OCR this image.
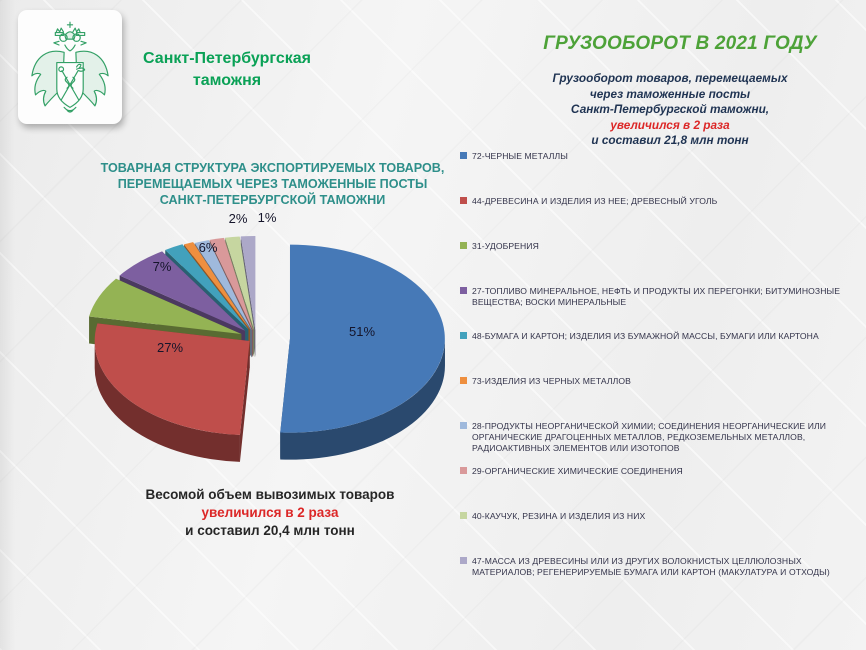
Санкт-Петербургская
таможня
ГРУЗООБОРОТ В 2021 ГОДУ
Грузооборот товаров, перемещаемых
через таможенные посты
Санкт-Петербургской таможни,
увеличился в 2 раза
и составил 21,8 млн тонн
ТОВАРНАЯ СТРУКТУРА ЭКСПОРТИРУЕМЫХ ТОВАРОВ, ПЕРЕМЕЩАЕМЫХ ЧЕРЕЗ ТАМОЖЕННЫЕ ПОСТЫ САНКТ-ПЕТЕРБУРГСКОЙ ТАМОЖНИ
51%
27%
7%
6%
2% 1%
72-ЧЕРНЫЕ МЕТАЛЛЫ
44-ДРЕВЕСИНА И ИЗДЕЛИЯ ИЗ НЕЕ; ДРЕВЕСНЫЙ УГОЛЬ
31-УДОБРЕНИЯ
27-ТОПЛИВО МИНЕРАЛЬНОЕ, НЕФТЬ И ПРОДУКТЫ ИХ ПЕРЕГОНКИ; БИТУМИНОЗНЫЕ ВЕЩЕСТВА; ВОСКИ МИНЕРАЛЬНЫЕ
48-БУМАГА И КАРТОН; ИЗДЕЛИЯ ИЗ БУМАЖНОЙ МАССЫ, БУМАГИ ИЛИ КАРТОНА
73-ИЗДЕЛИЯ ИЗ ЧЕРНЫХ МЕТАЛЛОВ
28-ПРОДУКТЫ НЕОРГАНИЧЕСКОЙ ХИМИИ; СОЕДИНЕНИЯ НЕОРГАНИЧЕСКИЕ ИЛИ ОРГАНИЧЕСКИЕ ДРАГОЦЕННЫХ МЕТАЛЛОВ, РЕДКОЗЕМЕЛЬНЫХ МЕТАЛЛОВ, РАДИОАКТИВНЫХ ЭЛЕМЕНТОВ ИЛИ ИЗОТОПОВ
29-ОРГАНИЧЕСКИЕ ХИМИЧЕСКИЕ СОЕДИНЕНИЯ
40-КАУЧУК, РЕЗИНА И ИЗДЕЛИЯ ИЗ НИХ
47-МАССА ИЗ ДРЕВЕСИНЫ ИЛИ ИЗ ДРУГИХ ВОЛОКНИСТЫХ ЦЕЛЛЮЛОЗНЫХ МАТЕРИАЛОВ; РЕГЕНЕРИРУЕМЫЕ БУМАГА ИЛИ КАРТОН (МАКУЛАТУРА И ОТХОДЫ)
Весомой объем вывозимых товаров
увеличился в 2 раза
и составил 20,4 млн тонн
